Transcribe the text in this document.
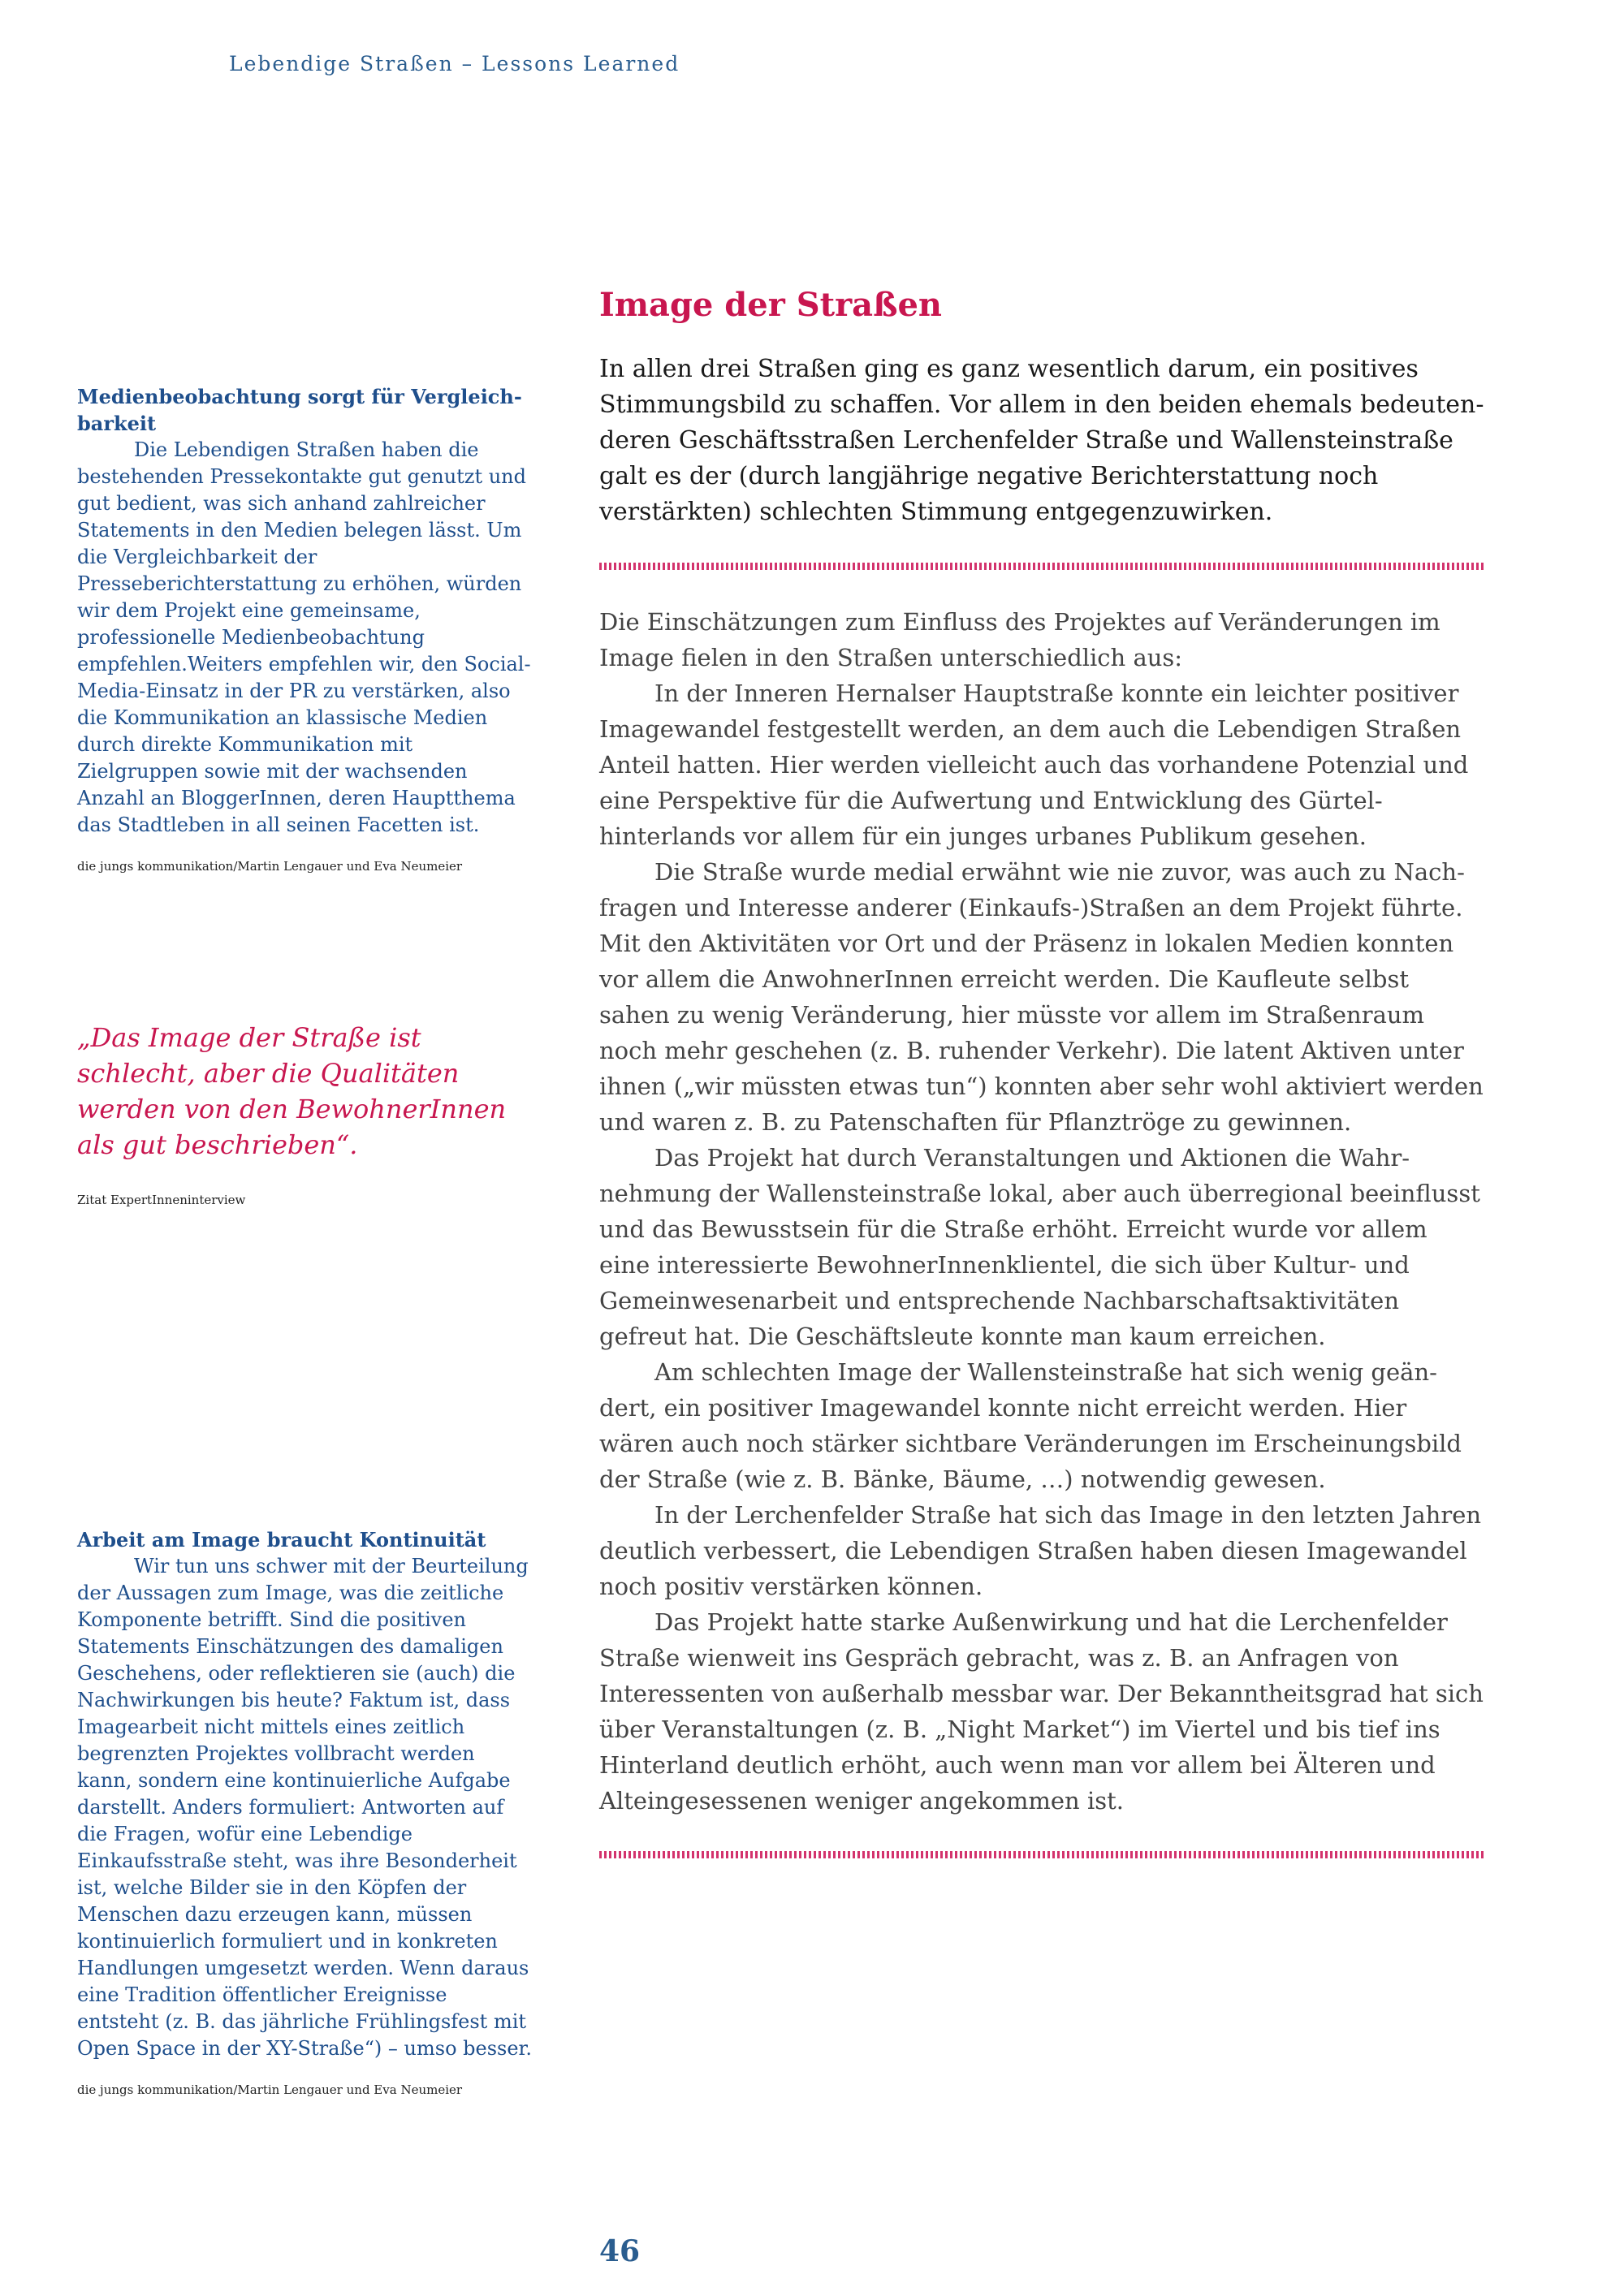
Lebendige Straßen – Lessons Learned

Medienbeobachtung sorgt für Vergleich-
barkeit

Die Lebendigen Straßen haben die bestehenden Pressekontakte gut genutzt und gut bedient, was sich anhand zahlreicher Statements in den Medien belegen lässt. Um die Vergleichbarkeit der Presseberichterstattung zu erhöhen, würden wir dem Projekt eine gemeinsame, professionelle Medienbeobachtung empfehlen.Weiters empfehlen wir, den Social-Media-Einsatz in der PR zu verstärken, also die Kommunikation an klassische Medien durch direkte Kommunikation mit Zielgruppen sowie mit der wachsenden Anzahl an BloggerInnen, deren Hauptthema das Stadtleben in all seinen Facetten ist.

die jungs kommunikation/Martin Lengauer und Eva Neumeier
„Das Image der Straße ist schlecht, aber die Qualitäten werden von den BewohnerInnen als gut beschrieben“.
Zitat ExpertInneninterview

Arbeit am Image braucht Kontinuität

Wir tun uns schwer mit der Beurteilung der Aussagen zum Image, was die zeitliche Komponente betrifft. Sind die positiven Statements Einschätzungen des damaligen Geschehens, oder reflektieren sie (auch) die Nachwirkungen bis heute? Faktum ist, dass Imagearbeit nicht mittels eines zeitlich begrenzten Projektes vollbracht werden kann, sondern eine kontinuierliche Aufgabe darstellt. Anders formuliert: Antworten auf die Fragen, wofür eine Lebendige Einkaufsstraße steht, was ihre Besonderheit ist, welche Bilder sie in den Köpfen der Menschen dazu erzeugen kann, müssen kontinuierlich formuliert und in konkreten Handlungen umgesetzt werden. Wenn daraus eine Tradition öffentlicher Ereignisse entsteht (z. B. das jährliche Frühlingsfest mit Open Space in der XY-Straße“) – umso besser.

die jungs kommunikation/Martin Lengauer und Eva Neumeier
Image der Straßen

In allen drei Straßen ging es ganz wesentlich darum, ein positives Stimmungsbild zu schaffen. Vor allem in den beiden ehemals bedeutenderen Geschäftsstraßen Lerchenfelder Straße und Wallensteinstraße galt es der (durch langjährige negative Berichterstattung noch verstärkten) schlechten Stimmung entgegenzuwirken.

Die Einschätzungen zum Einfluss des Projektes auf Veränderungen im Image fielen in den Straßen unterschiedlich aus:

In der Inneren Hernalser Hauptstraße konnte ein leichter positiver Imagewandel festgestellt werden, an dem auch die Lebendigen Straßen Anteil hatten. Hier werden vielleicht auch das vorhandene Potenzial und eine Perspektive für die Aufwertung und Entwicklung des Gürtelhinterlands vor allem für ein junges urbanes Publikum gesehen.

Die Straße wurde medial erwähnt wie nie zuvor, was auch zu Nachfragen und Interesse anderer (Einkaufs-)Straßen an dem Projekt führte. Mit den Aktivitäten vor Ort und der Präsenz in lokalen Medien konnten vor allem die AnwohnerInnen erreicht werden. Die Kaufleute selbst sahen zu wenig Veränderung, hier müsste vor allem im Straßenraum noch mehr geschehen (z. B. ruhender Verkehr). Die latent Aktiven unter ihnen („wir müssten etwas tun“) konnten aber sehr wohl aktiviert werden und waren z. B. zu Patenschaften für Pflanztröge zu gewinnen.

Das Projekt hat durch Veranstaltungen und Aktionen die Wahrnehmung der Wallensteinstraße lokal, aber auch überregional beeinflusst und das Bewusstsein für die Straße erhöht. Erreicht wurde vor allem eine interessierte BewohnerInnenklientel, die sich über Kultur- und Gemeinwesenarbeit und entsprechende Nachbarschaftsaktivitäten gefreut hat. Die Geschäftsleute konnte man kaum erreichen.

Am schlechten Image der Wallensteinstraße hat sich wenig geändert, ein positiver Imagewandel konnte nicht erreicht werden. Hier wären auch noch stärker sichtbare Veränderungen im Erscheinungsbild der Straße (wie z. B. Bänke, Bäume, …) notwendig gewesen.

In der Lerchenfelder Straße hat sich das Image in den letzten Jahren deutlich verbessert, die Lebendigen Straßen haben diesen Imagewandel noch positiv verstärken können.

Das Projekt hatte starke Außenwirkung und hat die Lerchenfelder Straße wienweit ins Gespräch gebracht, was z. B. an Anfragen von Interessenten von außerhalb messbar war. Der Bekanntheitsgrad hat sich über Veranstaltungen (z. B. „Night Market“) im Viertel und bis tief ins Hinterland deutlich erhöht, auch wenn man vor allem bei Älteren und Alteingesessenen weniger angekommen ist.

46
